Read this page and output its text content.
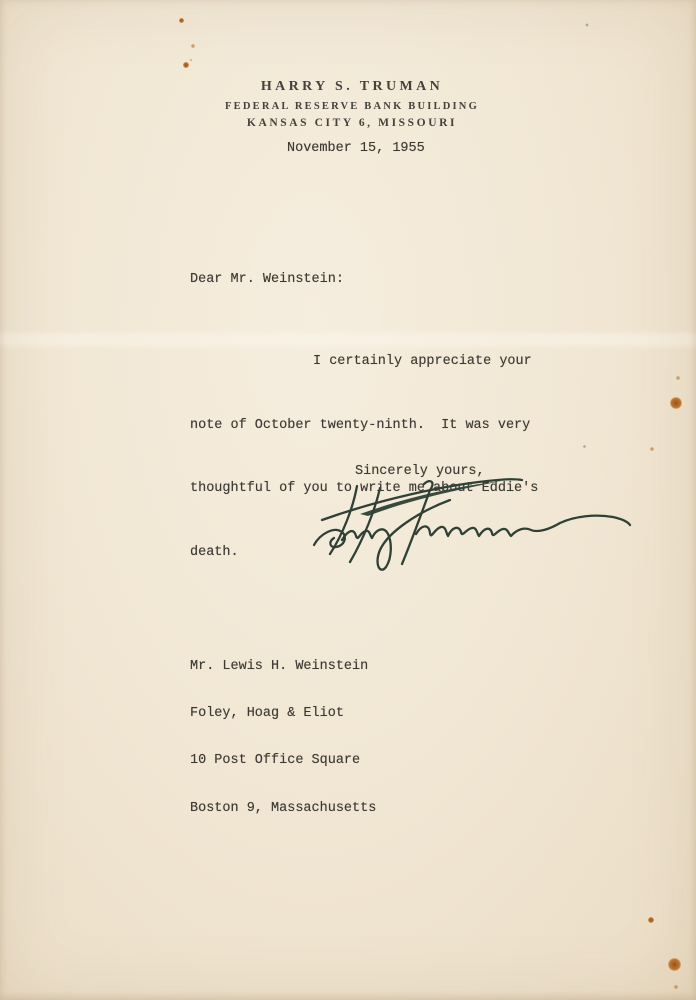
HARRY S. TRUMAN
FEDERAL RESERVE BANK BUILDING
KANSAS CITY 6, MISSOURI
November 15, 1955
Dear Mr. Weinstein:

I certainly appreciate your

note of October twenty-ninth.  It was very

thoughtful of you to write me about Eddie's

death.

Sincerely yours,

Mr. Lewis H. Weinstein

Foley, Hoag & Eliot

10 Post Office Square

Boston 9, Massachusetts
